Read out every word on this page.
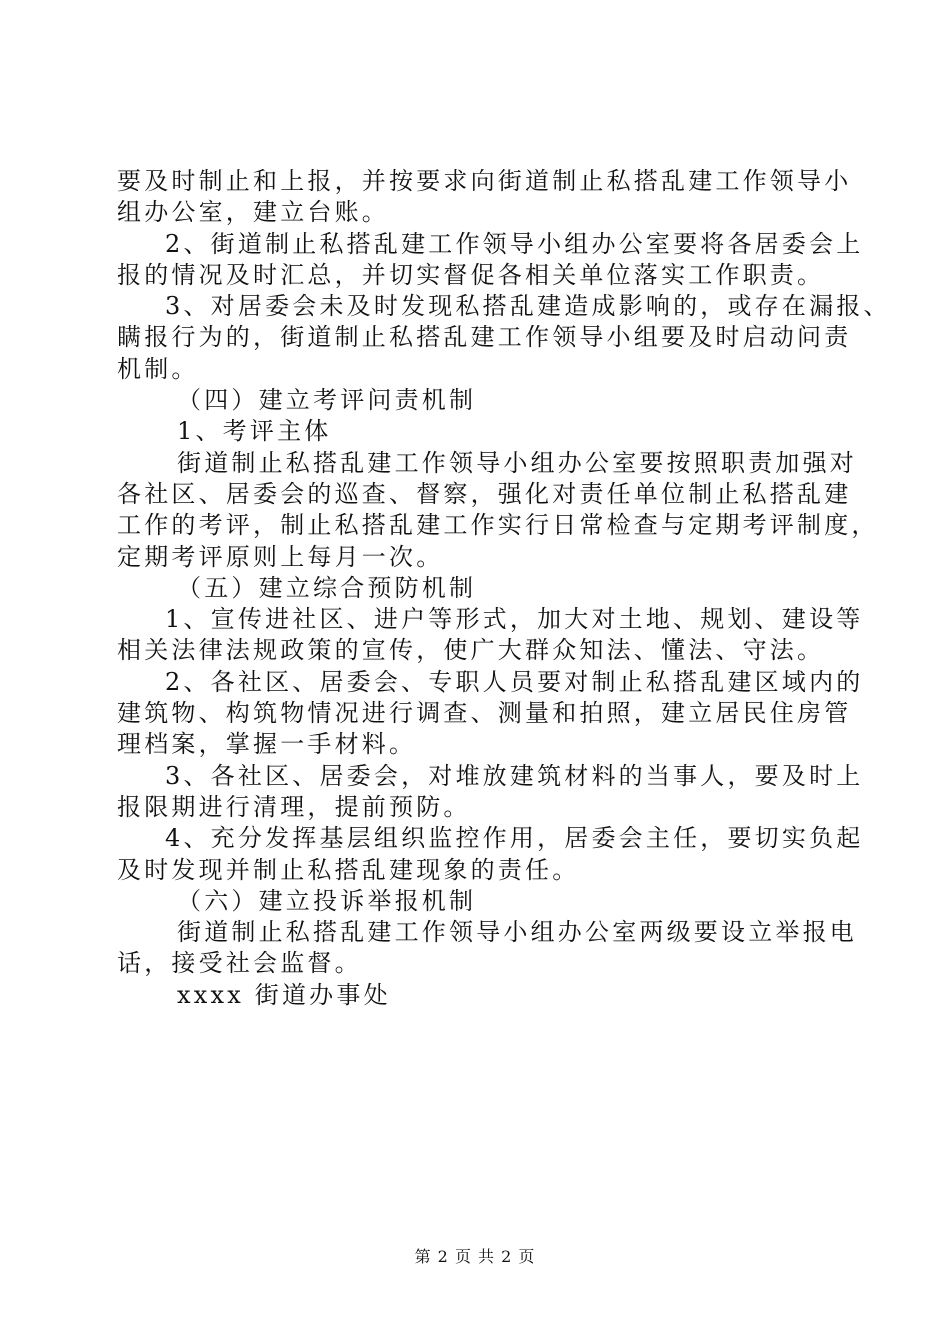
要及时制止和上报，并按要求向街道制止私搭乱建工作领导小
组办公室，建立台账。
2、街道制止私搭乱建工作领导小组办公室要将各居委会上
报的情况及时汇总，并切实督促各相关单位落实工作职责。
3、对居委会未及时发现私搭乱建造成影响的，或存在漏报、
瞒报行为的，街道制止私搭乱建工作领导小组要及时启动问责
机制。
（四）建立考评问责机制
1、考评主体
街道制止私搭乱建工作领导小组办公室要按照职责加强对
各社区、居委会的巡查、督察，强化对责任单位制止私搭乱建
工作的考评，制止私搭乱建工作实行日常检查与定期考评制度，
定期考评原则上每月一次。
（五）建立综合预防机制
1、宣传进社区、进户等形式，加大对土地、规划、建设等
相关法律法规政策的宣传，使广大群众知法、懂法、守法。
2、各社区、居委会、专职人员要对制止私搭乱建区域内的
建筑物、构筑物情况进行调查、测量和拍照，建立居民住房管
理档案，掌握一手材料。
3、各社区、居委会，对堆放建筑材料的当事人，要及时上
报限期进行清理，提前预防。
4、充分发挥基层组织监控作用，居委会主任，要切实负起
及时发现并制止私搭乱建现象的责任。
（六）建立投诉举报机制
街道制止私搭乱建工作领导小组办公室两级要设立举报电
话，接受社会监督。
xxxx 街道办事处
第 2 页 共 2 页
